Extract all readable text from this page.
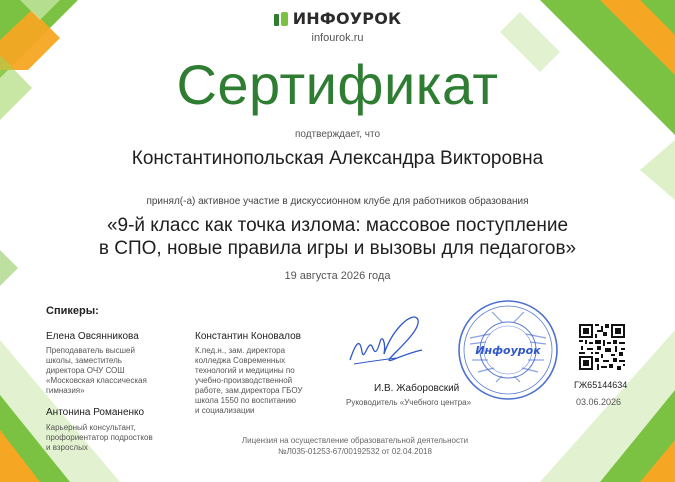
ИНФОУРОК
infourok.ru
Сертификат
подтверждает, что
Константинопольская Александра Викторовна
принял(-а) активное участие в дискуссионном клубе для работников образования
«9-й класс как точка излома: массовое поступление
в СПО, новые правила игры и вызовы для педагогов»
19 августа 2026 года
Спикеры:
Елена Овсянникова
Преподаватель высшей
школы, заместитель
директора ОЧУ СОШ
«Московская классическая
гимназия»
Антонина Романенко
Карьерный консультант,
профориентатор подростков
и взрослых
Константин Коновалов
К.пед.н., зам. директора
колледжа Современных
технологий и медицины по
учебно-производственной
работе, зам.директора ГБОУ
школа 1550 по воспитанию
и социализации
И.В. Жаборовский
Руководитель «Учебного центра»
Инфоурок
Лицензия на осуществление образовательной деятельности
№Л035-01253-67/00192532 от 02.04.2018
ГЖ65144634
03.06.2026
